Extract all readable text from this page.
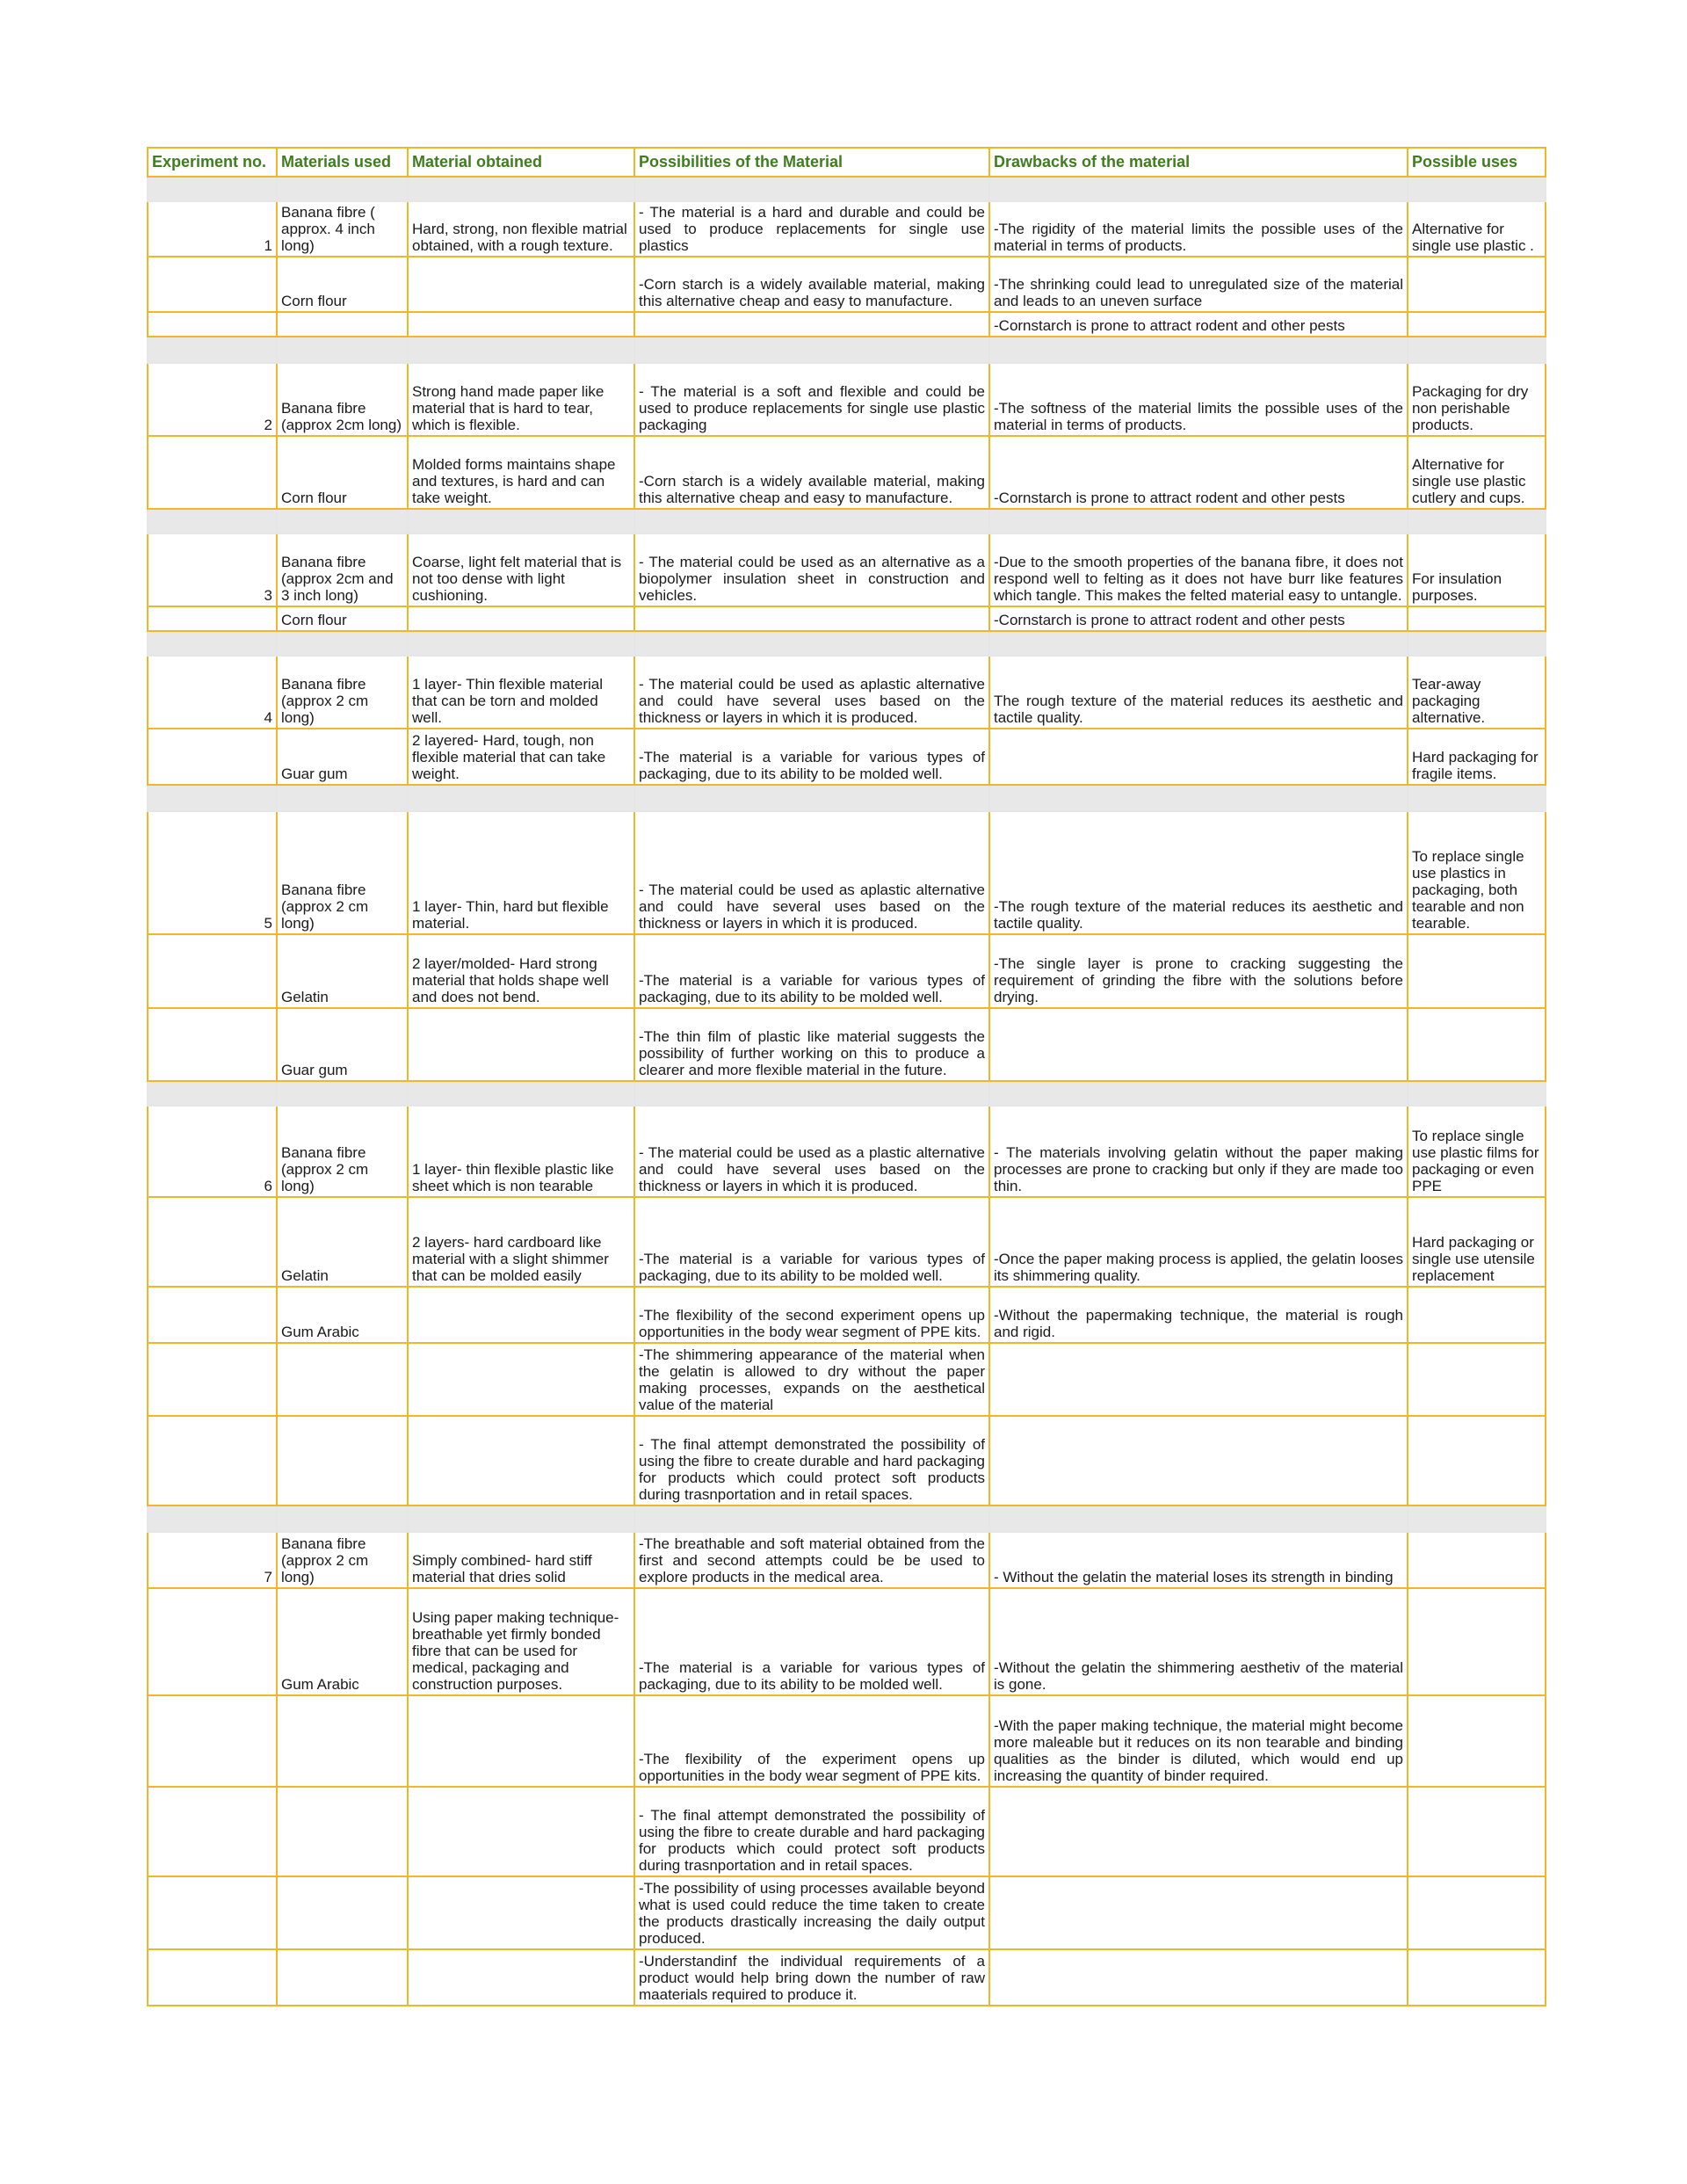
Experiment no.	Materials used	Material obtained	Possibilities of the Material	Drawbacks of the material	Possible uses

1	Banana fibre ( approx. 4 inch long)	Hard, strong, non flexible matrial obtained, with a rough texture.	- The material is a hard and durable and could be used to produce replacements for single use plastics	-The rigidity of the material limits the possible uses of the material in terms of products.	Alternative for single use plastic .
	Corn flour		-Corn starch is a widely available material, making this alternative cheap and easy to manufacture.	-The shrinking could lead to unregulated size of the material and leads to an uneven surface	
				-Cornstarch is prone to attract rodent and other pests	

2	Banana fibre (approx 2cm long)	Strong hand made paper like material that is hard to tear, which is flexible.	- The material is a soft and flexible and could be used to produce replacements for single use plastic packaging	-The softness of the material limits the possible uses of the material in terms of products.	Packaging for dry non perishable products.
	Corn flour	Molded forms maintains shape and textures, is hard and can take weight.	-Corn starch is a widely available material, making this alternative cheap and easy to manufacture.	-Cornstarch is prone to attract rodent and other pests	Alternative for single use plastic cutlery and cups.

3	Banana fibre (approx 2cm and 3 inch long)	Coarse, light felt material that is not too dense with light cushioning.	- The material could be used as an alternative as a biopolymer insulation sheet in construction and vehicles.	-Due to the smooth properties of the banana fibre, it does not respond well to felting as it does not have burr like features which tangle. This makes the felted material easy to untangle.	For insulation purposes.
	Corn flour			-Cornstarch is prone to attract rodent and other pests	

4	Banana fibre (approx 2 cm long)	1 layer- Thin flexible material that can be torn and molded well.	- The material could be used as aplastic alternative and could have several uses based on the thickness or layers in which it is produced.	The rough texture of the material reduces its aesthetic and tactile quality.	Tear-away packaging alternative.
	Guar gum	2 layered- Hard, tough, non flexible material that can take weight.	-The material is a variable for various types of packaging, due to its ability to be molded well.		Hard packaging for fragile items.

5	Banana fibre (approx 2 cm long)	1 layer- Thin, hard but flexible material.	- The material could be used as aplastic alternative and could have several uses based on the thickness or layers in which it is produced.	-The rough texture of the material reduces its aesthetic and tactile quality.	To replace single use plastics in packaging, both tearable and non tearable.
	Gelatin	2 layer/molded- Hard strong material that holds shape well and does not bend.	-The material is a variable for various types of packaging, due to its ability to be molded well.	-The single layer is prone to cracking suggesting the requirement of grinding the fibre with the solutions before drying.	
	Guar gum		-The thin film of plastic like material suggests the possibility of further working on this to produce a clearer and more flexible material in the future.		

6	Banana fibre (approx 2 cm long)	1 layer- thin flexible plastic like sheet which is non tearable	- The material could be used as a plastic alternative and could have several uses based on the thickness or layers in which it is produced.	- The materials involving gelatin without the paper making processes are prone to cracking but only if they are made too thin.	To replace single use plastic films for packaging or even PPE
	Gelatin	2 layers- hard cardboard like material with a slight shimmer that can be molded easily	-The material is a variable for various types of packaging, due to its ability to be molded well.	-Once the paper making process is applied, the gelatin looses its shimmering quality.	Hard packaging or single use utensile replacement
	Gum Arabic		-The flexibility of the second experiment opens up opportunities in the body wear segment of PPE kits.	-Without the papermaking technique, the material is rough and rigid.	
			-The shimmering appearance of the material when the gelatin is allowed to dry without the paper making processes, expands on the aesthetical value of the material		
			- The final attempt demonstrated the possibility of using the fibre to create durable and hard packaging for products which could protect soft products during trasnportation and in retail spaces.		

7	Banana fibre (approx 2 cm long)	Simply combined- hard stiff material that dries solid	-The breathable and soft material obtained from the first and second attempts could be be used to explore products in the medical area.	- Without the gelatin the material loses its strength in binding	
	Gum Arabic	Using paper making technique- breathable yet firmly bonded fibre that can be used for medical, packaging and construction purposes.	-The material is a variable for various types of packaging, due to its ability to be molded well.	-Without the gelatin the shimmering aesthetiv of the material is gone.	
			-The flexibility of the experiment opens up opportunities in the body wear segment of PPE kits.	-With the paper making technique, the material might become more maleable but it reduces on its non tearable and binding qualities as the binder is diluted, which would end up increasing the quantity of binder required.	
			- The final attempt demonstrated the possibility of using the fibre to create durable and hard packaging for products which could protect soft products during trasnportation and in retail spaces.		
			-The possibility of using processes available beyond what is used could reduce the time taken to create the products drastically increasing the daily output produced.		
			-Understandinf the individual requirements of a product would help bring down the number of raw maaterials required to produce it.		
